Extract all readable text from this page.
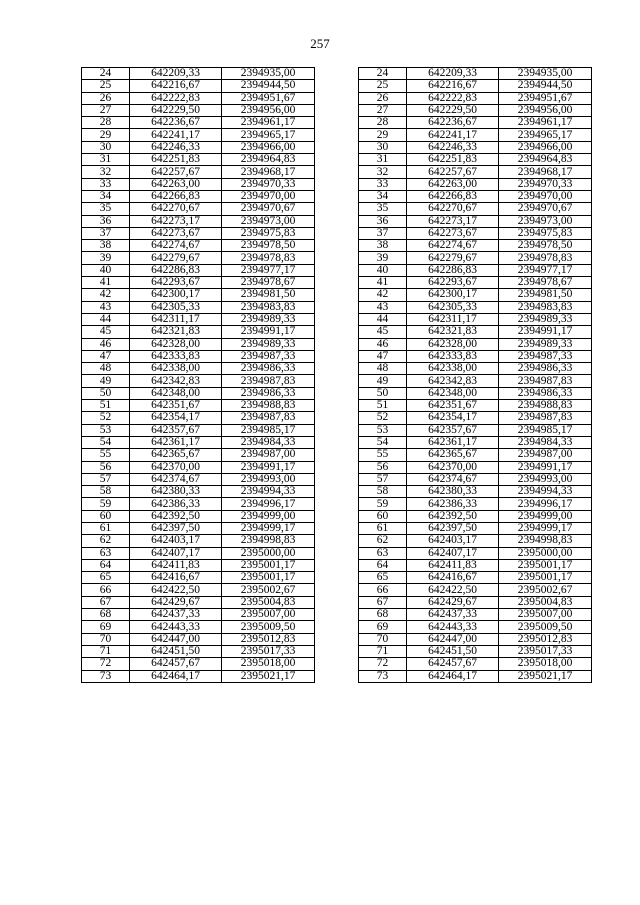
257
24	642209,33	2394935,00
25	642216,67	2394944,50
26	642222,83	2394951,67
27	642229,50	2394956,00
28	642236,67	2394961,17
29	642241,17	2394965,17
30	642246,33	2394966,00
31	642251,83	2394964,83
32	642257,67	2394968,17
33	642263,00	2394970,33
34	642266,83	2394970,00
35	642270,67	2394970,67
36	642273,17	2394973,00
37	642273,67	2394975,83
38	642274,67	2394978,50
39	642279,67	2394978,83
40	642286,83	2394977,17
41	642293,67	2394978,67
42	642300,17	2394981,50
43	642305,33	2394983,83
44	642311,17	2394989,33
45	642321,83	2394991,17
46	642328,00	2394989,33
47	642333,83	2394987,33
48	642338,00	2394986,33
49	642342,83	2394987,83
50	642348,00	2394986,33
51	642351,67	2394988,83
52	642354,17	2394987,83
53	642357,67	2394985,17
54	642361,17	2394984,33
55	642365,67	2394987,00
56	642370,00	2394991,17
57	642374,67	2394993,00
58	642380,33	2394994,33
59	642386,33	2394996,17
60	642392,50	2394999,00
61	642397,50	2394999,17
62	642403,17	2394998,83
63	642407,17	2395000,00
64	642411,83	2395001,17
65	642416,67	2395001,17
66	642422,50	2395002,67
67	642429,67	2395004,83
68	642437,33	2395007,00
69	642443,33	2395009,50
70	642447,00	2395012,83
71	642451,50	2395017,33
72	642457,67	2395018,00
73	642464,17	2395021,17
24	642209,33	2394935,00
25	642216,67	2394944,50
26	642222,83	2394951,67
27	642229,50	2394956,00
28	642236,67	2394961,17
29	642241,17	2394965,17
30	642246,33	2394966,00
31	642251,83	2394964,83
32	642257,67	2394968,17
33	642263,00	2394970,33
34	642266,83	2394970,00
35	642270,67	2394970,67
36	642273,17	2394973,00
37	642273,67	2394975,83
38	642274,67	2394978,50
39	642279,67	2394978,83
40	642286,83	2394977,17
41	642293,67	2394978,67
42	642300,17	2394981,50
43	642305,33	2394983,83
44	642311,17	2394989,33
45	642321,83	2394991,17
46	642328,00	2394989,33
47	642333,83	2394987,33
48	642338,00	2394986,33
49	642342,83	2394987,83
50	642348,00	2394986,33
51	642351,67	2394988,83
52	642354,17	2394987,83
53	642357,67	2394985,17
54	642361,17	2394984,33
55	642365,67	2394987,00
56	642370,00	2394991,17
57	642374,67	2394993,00
58	642380,33	2394994,33
59	642386,33	2394996,17
60	642392,50	2394999,00
61	642397,50	2394999,17
62	642403,17	2394998,83
63	642407,17	2395000,00
64	642411,83	2395001,17
65	642416,67	2395001,17
66	642422,50	2395002,67
67	642429,67	2395004,83
68	642437,33	2395007,00
69	642443,33	2395009,50
70	642447,00	2395012,83
71	642451,50	2395017,33
72	642457,67	2395018,00
73	642464,17	2395021,17
